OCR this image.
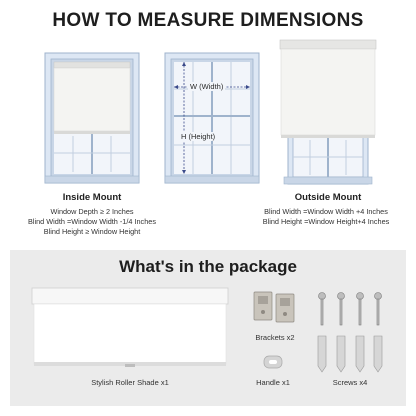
HOW TO MEASURE DIMENSIONS
Inside Mount
Window Depth ≥ 2 Inches
Blind Width =Window Width -1/4 Inches
Blind Height ≥ Window Height
W (Width)
H (Height)
Outside Mount
Blind Width =Window Width +4 Inches
Blind Height =Window Height+4 Inches
What's in the package
Stylish Roller Shade x1
Brackets x2
Handle x1	Screws x4
